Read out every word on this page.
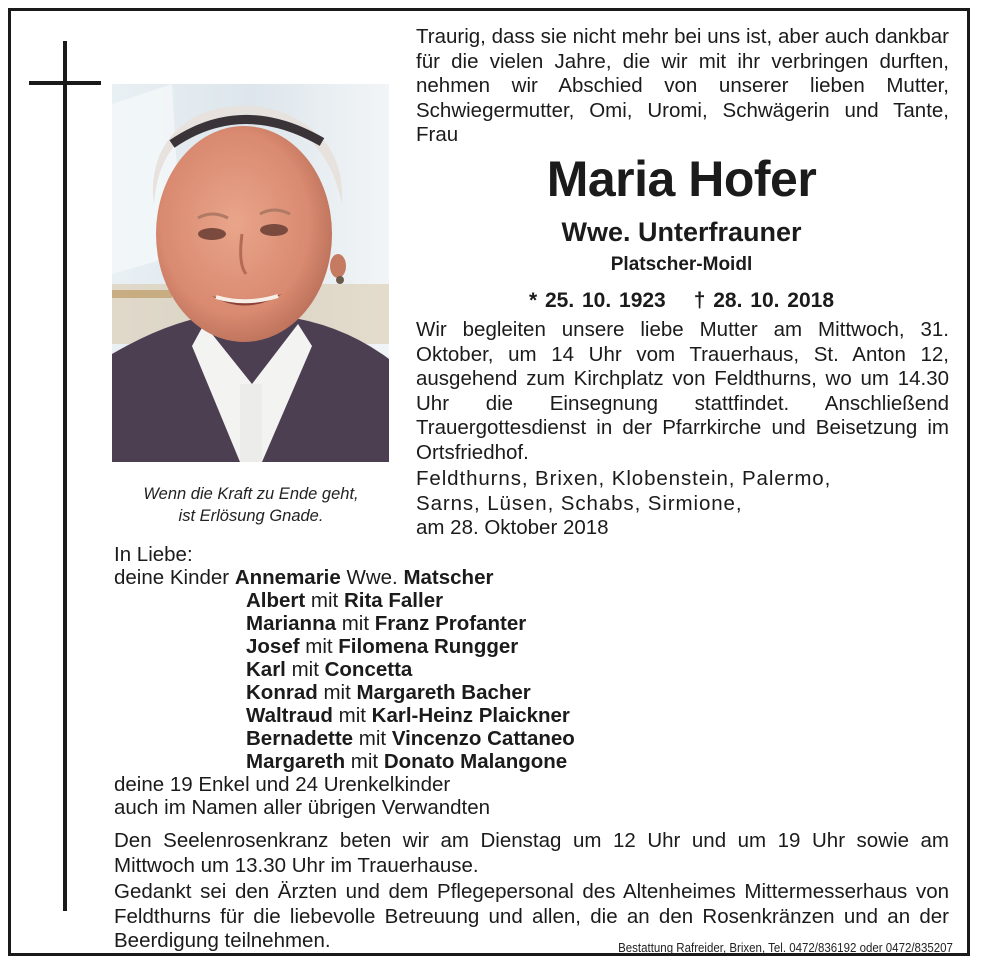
Wenn die Kraft zu Ende geht,
ist Erlösung Gnade.
Traurig, dass sie nicht mehr bei uns ist, aber auch dankbar für die vielen Jahre, die wir mit ihr verbringen durften, nehmen wir Abschied von unserer lieben Mutter, Schwiegermutter, Omi, Uromi, Schwägerin und Tante, Frau
Maria Hofer
Wwe. Unterfrauner
Platscher-Moidl
* 25. 10. 1923 † 28. 10. 2018
Wir begleiten unsere liebe Mutter am Mittwoch, 31. Oktober, um 14 Uhr vom Trauerhaus, St. Anton 12, ausgehend zum Kirchplatz von Feldthurns, wo um 14.30 Uhr die Einsegnung stattfindet. Anschließend Trauergottesdienst in der Pfarrkirche und Beisetzung im Ortsfriedhof.
Feldthurns, Brixen, Klobenstein, Palermo,
Sarns, Lüsen, Schabs, Sirmione,
am 28. Oktober 2018
In Liebe:
deine Kinder Annemarie Wwe. Matscher
Albert mit Rita Faller
Marianna mit Franz Profanter
Josef mit Filomena Rungger
Karl mit Concetta
Konrad mit Margareth Bacher
Waltraud mit Karl-Heinz Plaickner
Bernadette mit Vincenzo Cattaneo
Margareth mit Donato Malangone
deine 19 Enkel und 24 Urenkelkinder
auch im Namen aller übrigen Verwandten
Den Seelenrosenkranz beten wir am Dienstag um 12 Uhr und um 19 Uhr sowie am Mittwoch um 13.30 Uhr im Trauerhause.
Gedankt sei den Ärzten und dem Pflegepersonal des Altenheimes Mittermesserhaus von Feldthurns für die liebevolle Betreuung und allen, die an den Rosenkränzen und an der Beerdigung teilnehmen.	Bestattung Rafreider, Brixen, Tel. 0472/836192 oder 0472/835207
